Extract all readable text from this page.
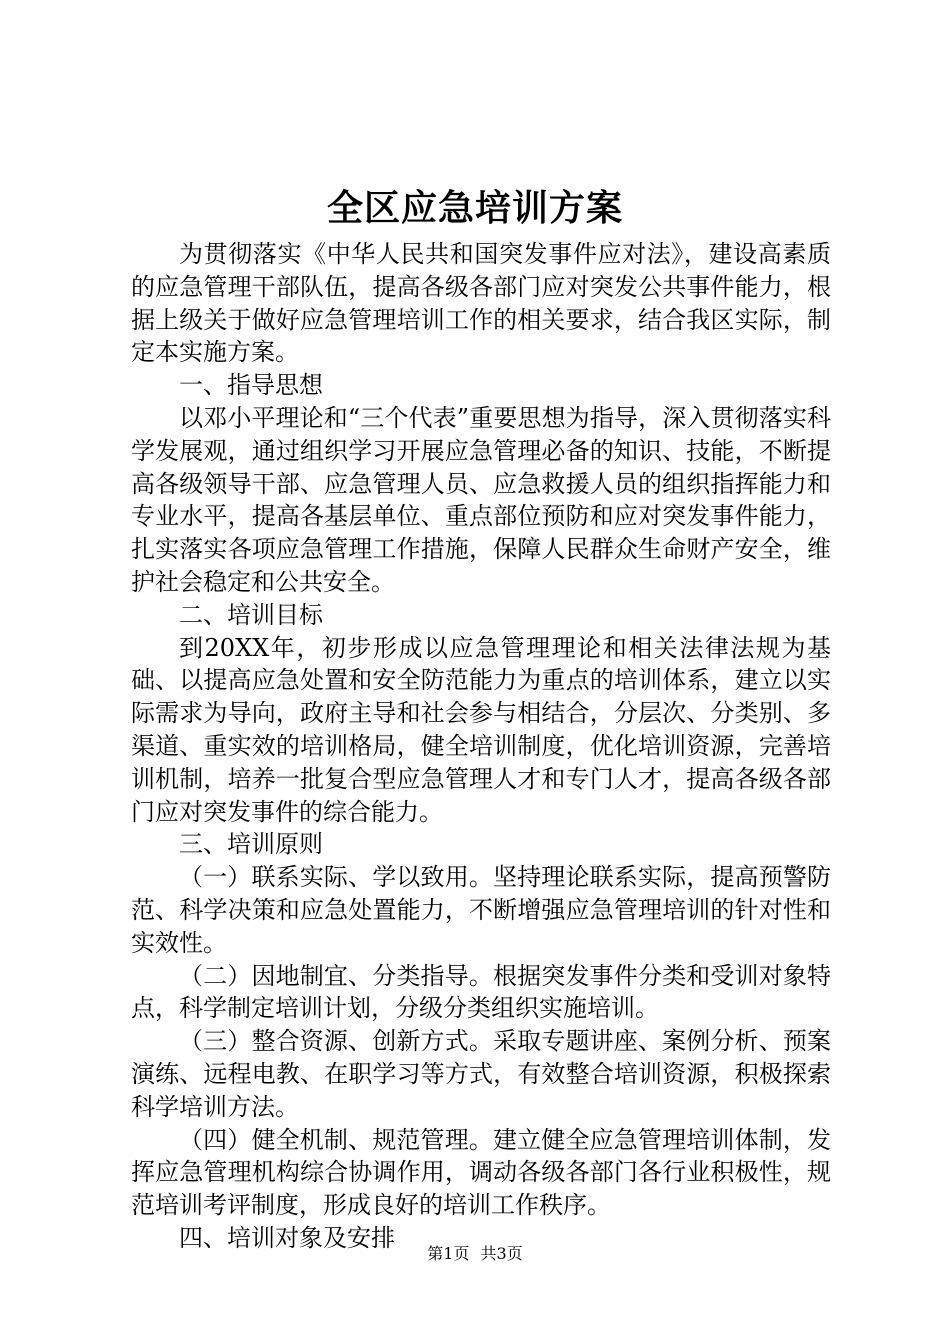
全区应急培训方案

为贯彻落实《中华人民共和国突发事件应对法》，建设高素质的应急管理干部队伍，提高各级各部门应对突发公共事件能力，根据上级关于做好应急管理培训工作的相关要求，结合我区实际，制定本实施方案。

一、指导思想

以邓小平理论和“三个代表”重要思想为指导，深入贯彻落实科学发展观，通过组织学习开展应急管理必备的知识、技能，不断提高各级领导干部、应急管理人员、应急救援人员的组织指挥能力和专业水平，提高各基层单位、重点部位预防和应对突发事件能力，扎实落实各项应急管理工作措施，保障人民群众生命财产安全，维护社会稳定和公共安全。

二、培训目标

到20XX年，初步形成以应急管理理论和相关法律法规为基础、以提高应急处置和安全防范能力为重点的培训体系，建立以实际需求为导向，政府主导和社会参与相结合，分层次、分类别、多渠道、重实效的培训格局，健全培训制度，优化培训资源，完善培训机制，培养一批复合型应急管理人才和专门人才，提高各级各部门应对突发事件的综合能力。

三、培训原则

（一）联系实际、学以致用。坚持理论联系实际，提高预警防范、科学决策和应急处置能力，不断增强应急管理培训的针对性和实效性。

（二）因地制宜、分类指导。根据突发事件分类和受训对象特点，科学制定培训计划，分级分类组织实施培训。

（三）整合资源、创新方式。采取专题讲座、案例分析、预案演练、远程电教、在职学习等方式，有效整合培训资源，积极探索科学培训方法。

（四）健全机制、规范管理。建立健全应急管理培训体制，发挥应急管理机构综合协调作用，调动各级各部门各行业积极性，规范培训考评制度，形成良好的培训工作秩序。

四、培训对象及安排

第1页 共3页
